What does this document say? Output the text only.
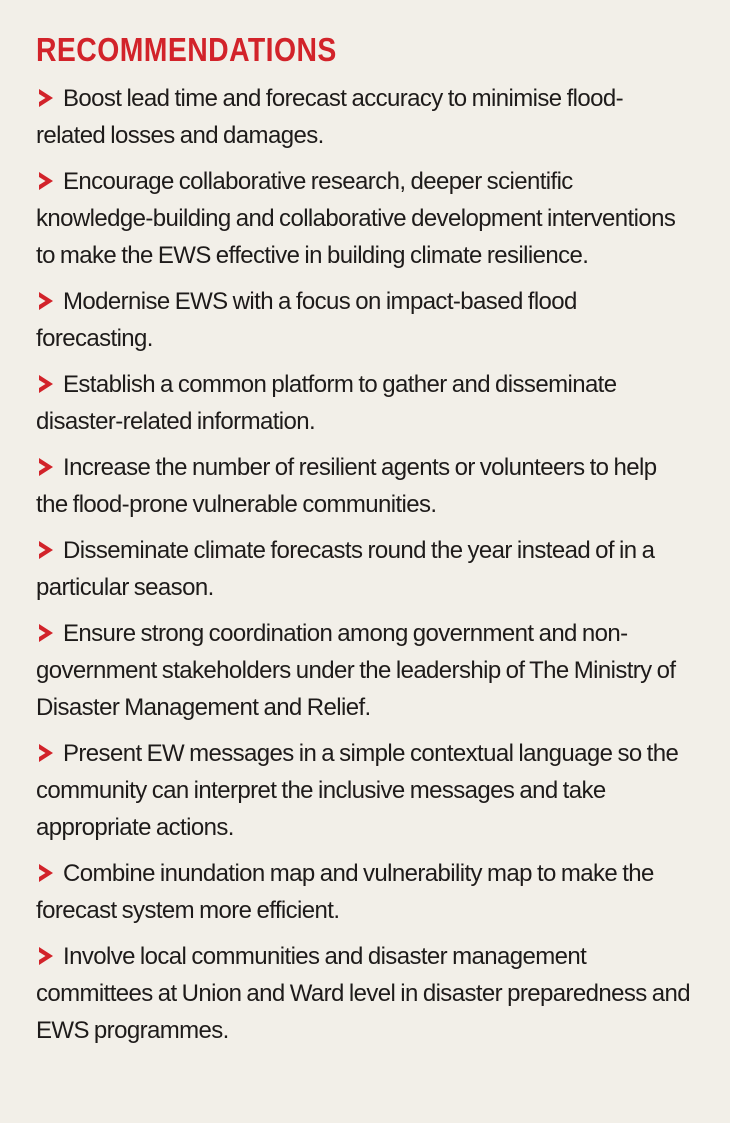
RECOMMENDATIONS
Boost lead time and forecast accuracy to minimise flood-related losses and damages.
Encourage collaborative research, deeper scientific knowledge-building and collaborative development interventions to make the EWS effective in building climate resilience.
Modernise EWS with a focus on impact-based flood forecasting.
Establish a common platform to gather and disseminate disaster-related information.
Increase the number of resilient agents or volunteers to help the flood-prone vulnerable communities.
Disseminate climate forecasts round the year instead of in a particular season.
Ensure strong coordination among government and non-government stakeholders under the leadership of The Ministry of Disaster Management and Relief.
Present EW messages in a simple contextual language so the community can interpret the inclusive messages and take appropriate actions.
Combine inundation map and vulnerability map to make the forecast system more efficient.
Involve local communities and disaster management committees at Union and Ward level in disaster preparedness and EWS programmes.
